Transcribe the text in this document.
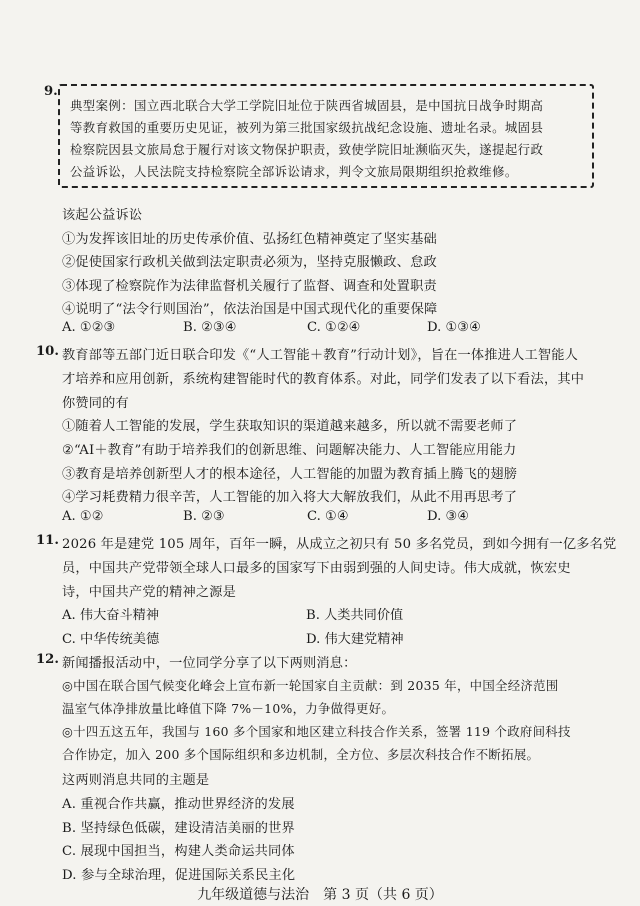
9.
典型案例：国立西北联合大学工学院旧址位于陕西省城固县，是中国抗日战争时期高
等教育救国的重要历史见证，被列为第三批国家级抗战纪念设施、遗址名录。城固县
检察院因县文旅局怠于履行对该文物保护职责，致使学院旧址濒临灭失，遂提起行政
公益诉讼，人民法院支持检察院全部诉讼请求，判令文旅局限期组织抢救维修。
该起公益诉讼
①为发挥该旧址的历史传承价值、弘扬红色精神奠定了坚实基础
②促使国家行政机关做到法定职责必须为，坚持克服懒政、怠政
③体现了检察院作为法律监督机关履行了监督、调查和处置职责
④说明了“法令行则国治”，依法治国是中国式现代化的重要保障
A. ①②③	B. ②③④	C. ①②④	D. ①③④
10. 教育部等五部门近日联合印发《“人工智能＋教育”行动计划》，旨在一体推进人工智能人
才培养和应用创新，系统构建智能时代的教育体系。对此，同学们发表了以下看法，其中
你赞同的有
①随着人工智能的发展，学生获取知识的渠道越来越多，所以就不需要老师了
②“AI＋教育”有助于培养我们的创新思维、问题解决能力、人工智能应用能力
③教育是培养创新型人才的根本途径，人工智能的加盟为教育插上腾飞的翅膀
④学习耗费精力很辛苦，人工智能的加入将大大解放我们，从此不用再思考了
A. ①②	B. ②③	C. ①④	D. ③④
11. 2026 年是建党 105 周年，百年一瞬，从成立之初只有 50 多名党员，到如今拥有一亿多名党
员，中国共产党带领全球人口最多的国家写下由弱到强的人间史诗。伟大成就，恢宏史
诗，中国共产党的精神之源是
A. 伟大奋斗精神	B. 人类共同价值
C. 中华传统美德	D. 伟大建党精神
12. 新闻播报活动中，一位同学分享了以下两则消息：
◎中国在联合国气候变化峰会上宣布新一轮国家自主贡献：到 2035 年，中国全经济范围
温室气体净排放量比峰值下降 7%－10%，力争做得更好。
◎十四五这五年，我国与 160 多个国家和地区建立科技合作关系，签署 119 个政府间科技
合作协定，加入 200 多个国际组织和多边机制，全方位、多层次科技合作不断拓展。
这两则消息共同的主题是
A. 重视合作共赢，推动世界经济的发展
B. 坚持绿色低碳，建设清洁美丽的世界
C. 展现中国担当，构建人类命运共同体
D. 参与全球治理，促进国际关系民主化
九年级道德与法治　第 3 页（共 6 页）
